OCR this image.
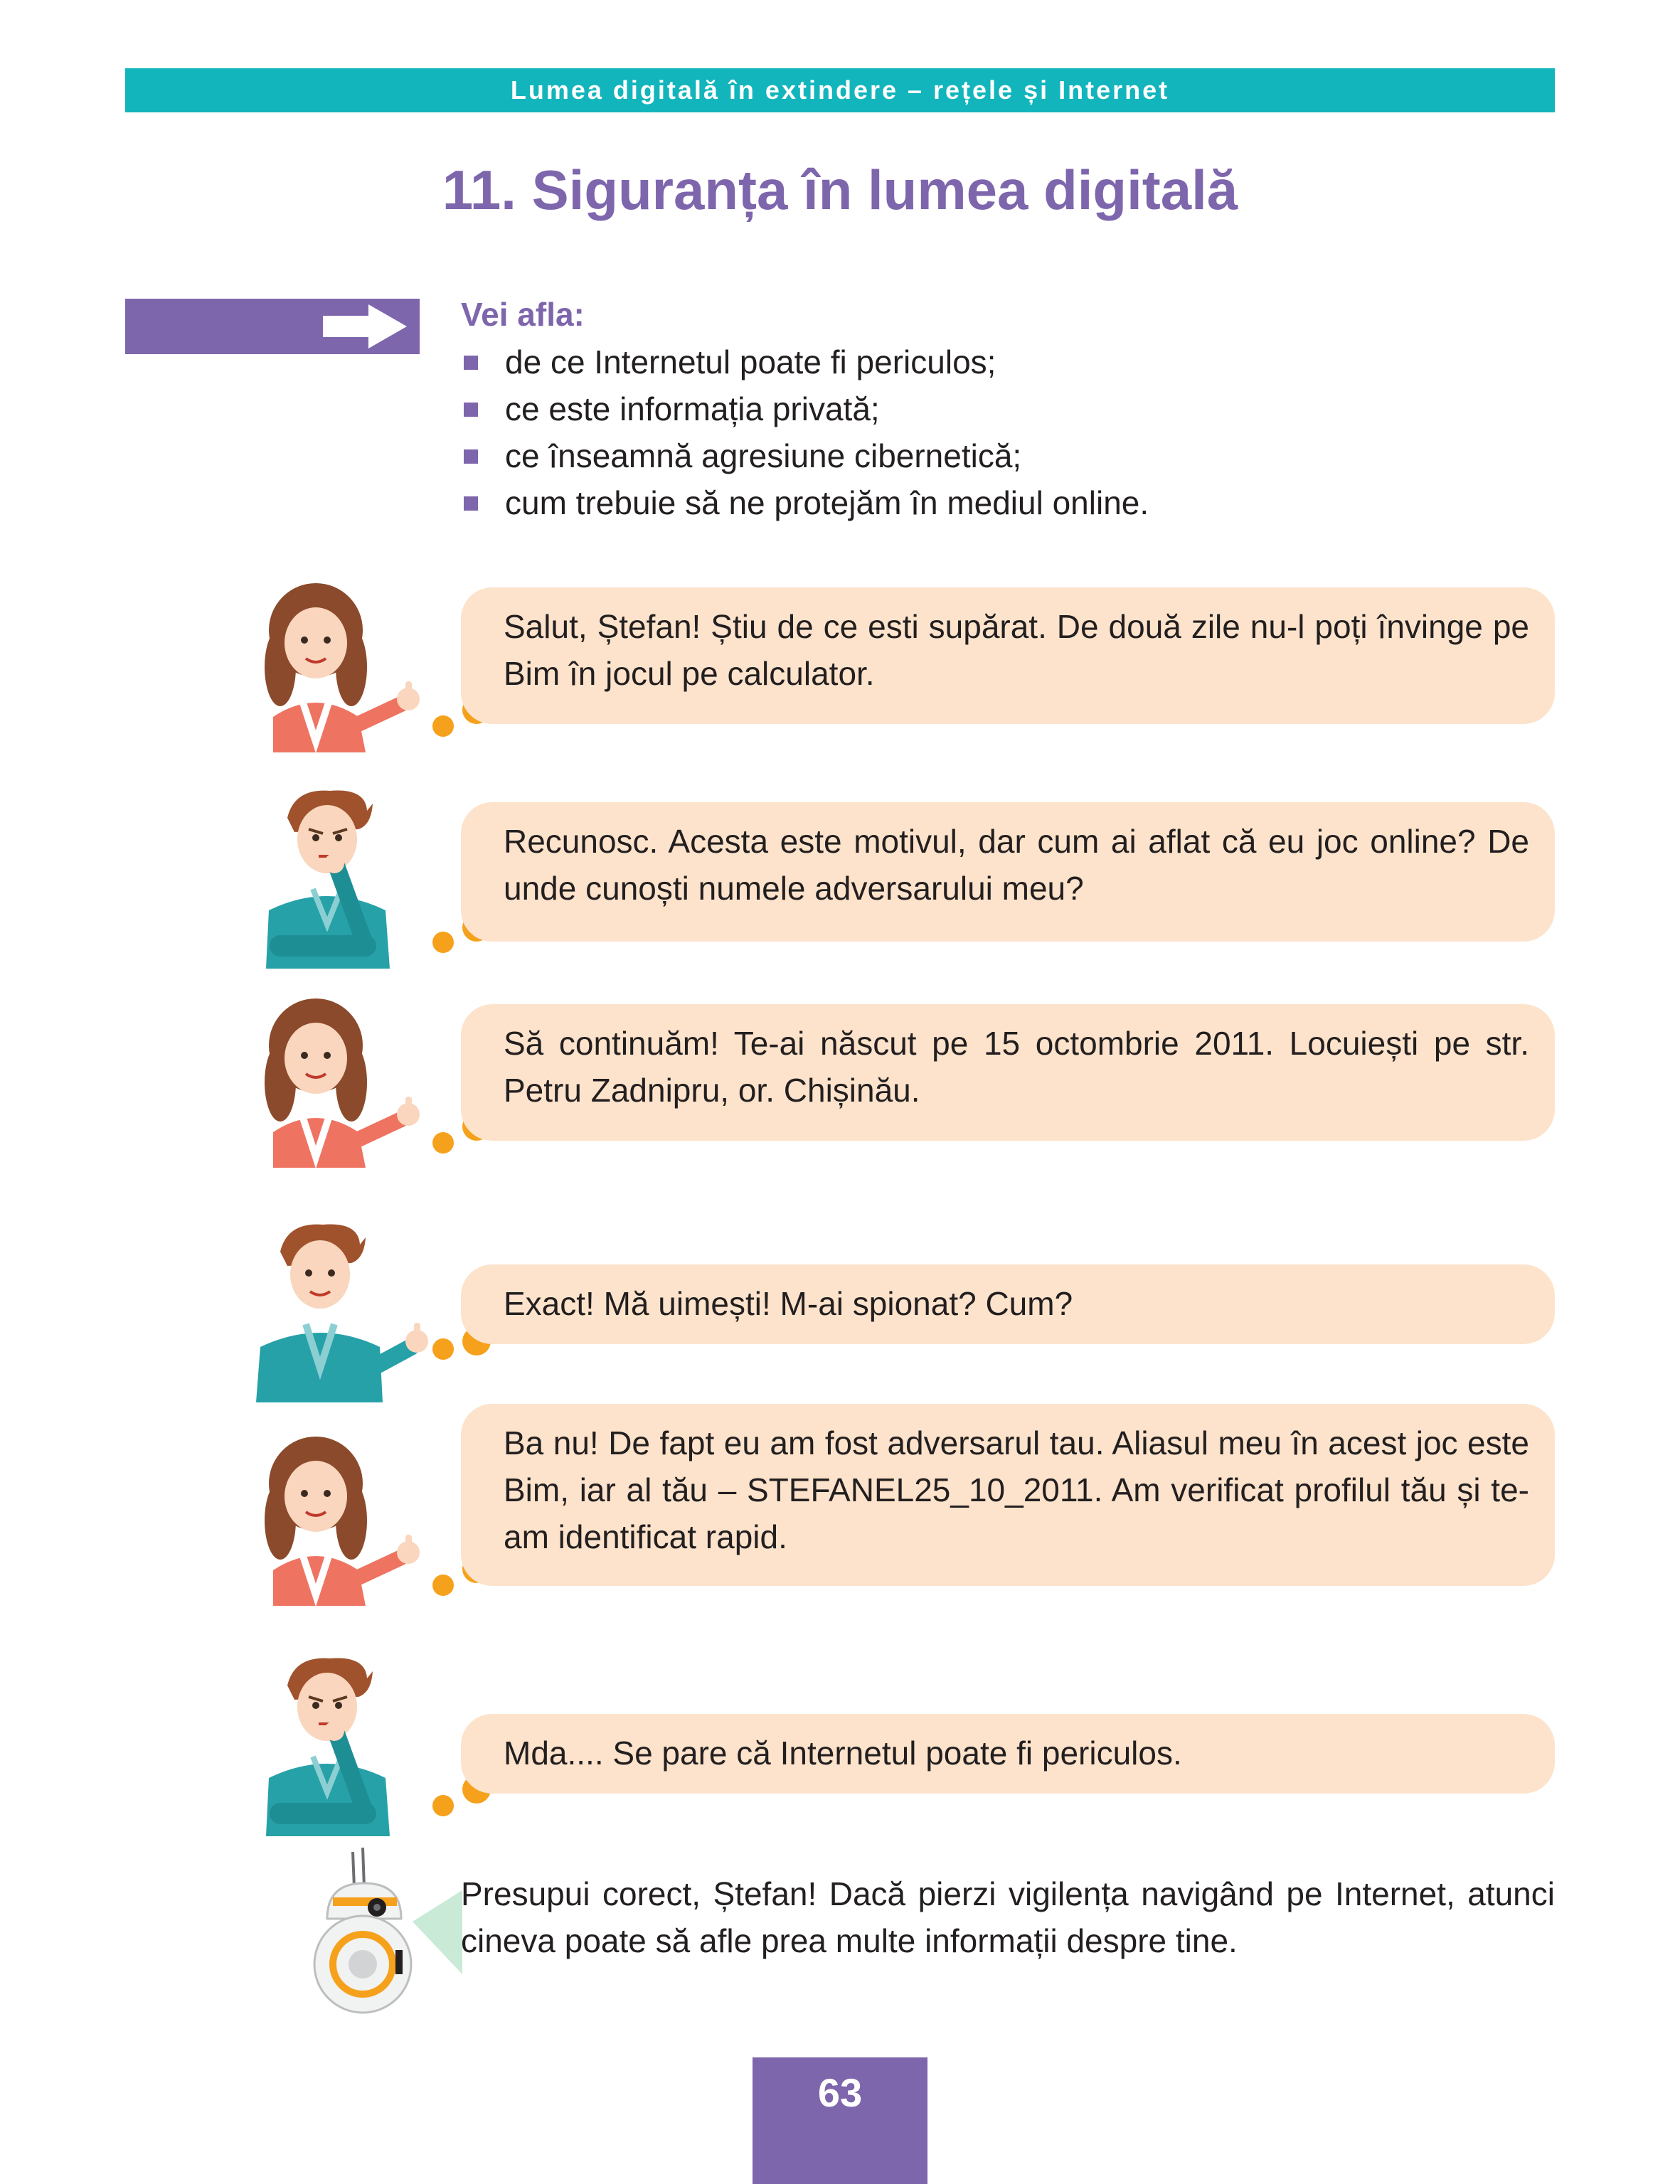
Lumea digitală în extindere – rețele și Internet
11. Siguranța în lumea digitală
Vei afla:
de ce Internetul poate fi periculos;
ce este informația privată;
ce înseamnă agresiune cibernetică;
cum trebuie să ne protejăm în mediul online.
Salut, Ștefan! Știu de ce esti supărat. De două zile nu-l poți învinge pe Bim în jocul pe calculator.
Recunosc. Acesta este motivul, dar cum ai aflat că eu joc online? De unde cunoști numele adversarului meu?
Să continuăm! Te-ai născut pe 15 octombrie 2011. Locuiești pe str. Petru Zadnipru, or. Chișinău.
Exact! Mă uimești! M-ai spionat? Cum?
Ba nu! De fapt eu am fost adversarul tau. Aliasul meu în acest joc este Bim, iar al tău – STEFANEL25_10_2011. Am verificat profilul tău și te-am identificat rapid.
Mda.... Se pare că Internetul poate fi periculos.
Presupui corect, Ștefan! Dacă pierzi vigilența navigând pe Internet, atunci cineva poate să afle prea multe informații despre tine.
63
